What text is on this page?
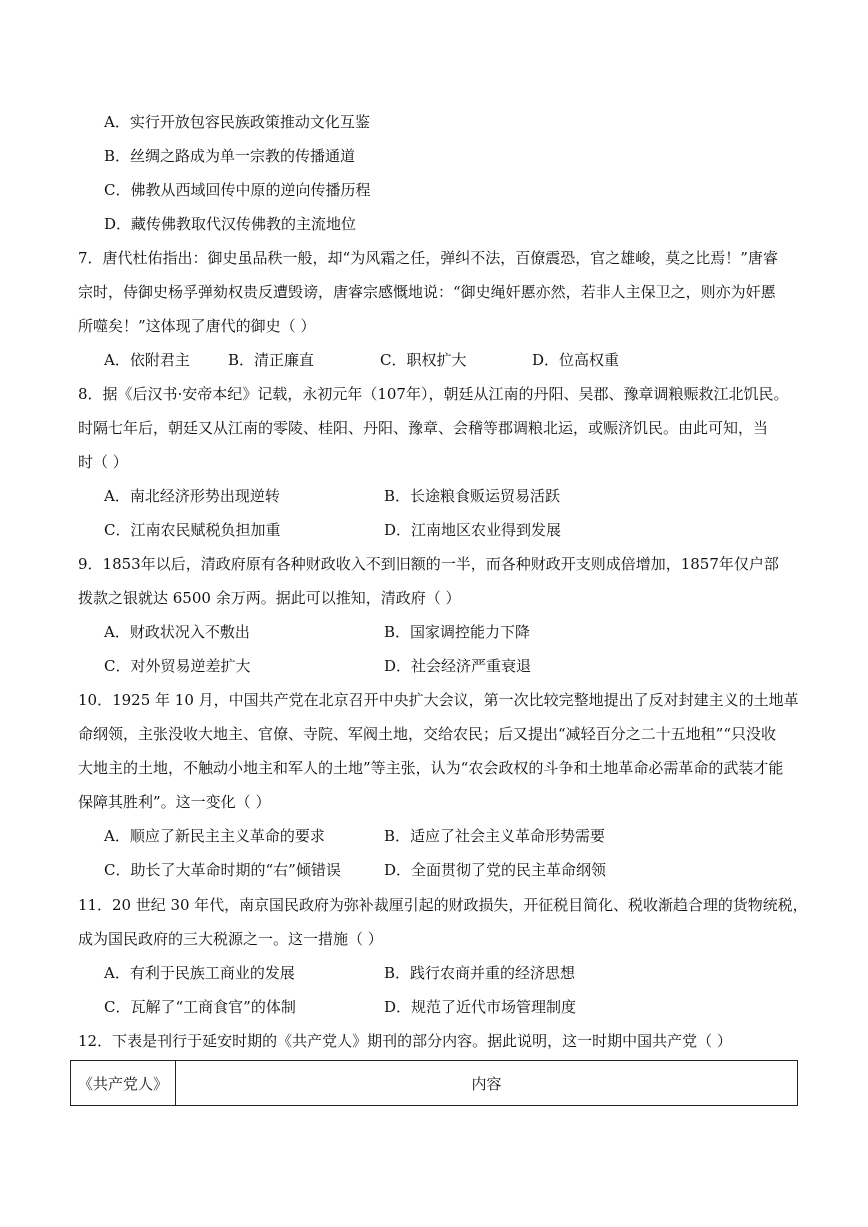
A．实行开放包容民族政策推动文化互鉴
B．丝绸之路成为单一宗教的传播通道
C．佛教从西域回传中原的逆向传播历程
D．藏传佛教取代汉传佛教的主流地位
7．唐代杜佑指出：御史虽品秩一般，却“为风霜之任，弹纠不法，百僚震恐，官之雄峻，莫之比焉！”唐睿
宗时，侍御史杨孚弹劾权贵反遭毁谤，唐睿宗感慨地说：“御史绳奸慝亦然，若非人主保卫之，则亦为奸慝
所噬矣！”这体现了唐代的御史（ ）
A．依附君主	B．清正廉直	C．职权扩大	D．位高权重
8．据《后汉书·安帝本纪》记载，永初元年（107年），朝廷从江南的丹阳、吴郡、豫章调粮赈救江北饥民。
时隔七年后，朝廷又从江南的零陵、桂阳、丹阳、豫章、会稽等郡调粮北运，或赈济饥民。由此可知，当
时（ ）
A．南北经济形势出现逆转	B．长途粮食贩运贸易活跃
C．江南农民赋税负担加重	D．江南地区农业得到发展
9．1853年以后，清政府原有各种财政收入不到旧额的一半，而各种财政开支则成倍增加，1857年仅户部
拨款之银就达 6500 余万两。据此可以推知，清政府（ ）
A．财政状况入不敷出	B．国家调控能力下降
C．对外贸易逆差扩大	D．社会经济严重衰退
10．1925 年 10 月，中国共产党在北京召开中央扩大会议，第一次比较完整地提出了反对封建主义的土地革
命纲领，主张没收大地主、官僚、寺院、军阀土地，交给农民；后又提出“减轻百分之二十五地租”“只没收
大地主的土地，不触动小地主和军人的土地”等主张，认为“农会政权的斗争和土地革命必需革命的武装才能
保障其胜利”。这一变化（ ）
A．顺应了新民主主义革命的要求	B．适应了社会主义革命形势需要
C．助长了大革命时期的“右”倾错误	D．全面贯彻了党的民主革命纲领
11．20 世纪 30 年代，南京国民政府为弥补裁厘引起的财政损失，开征税目简化、税收渐趋合理的货物统税，
成为国民政府的三大税源之一。这一措施（ ）
A．有利于民族工商业的发展	B．践行农商并重的经济思想
C．瓦解了“工商食官”的体制	D．规范了近代市场管理制度
12．下表是刊行于延安时期的《共产党人》期刊的部分内容。据此说明，这一时期中国共产党（ ）
《共产党人》	内容
